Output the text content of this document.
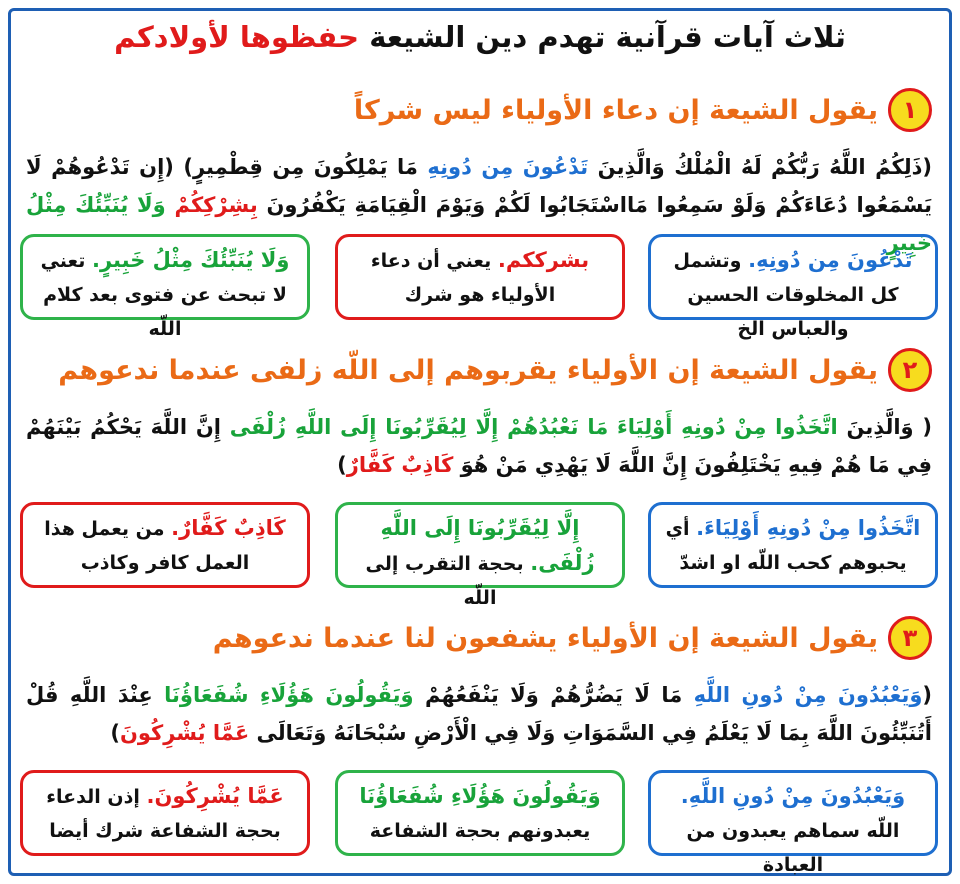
ثلاث آيات قرآنية تهدم دين الشيعة حفظوها لأولادكم
١
يقول الشيعة إن دعاء الأولياء ليس شركاً
(ذَلِكُمُ اللَّهُ رَبُّكُمْ لَهُ الْمُلْكُ وَالَّذِينَ تَدْعُونَ مِن دُونِهِ مَا يَمْلِكُونَ مِن قِطْمِيرٍ) (إِن تَدْعُوهُمْ لَا يَسْمَعُوا دُعَاءَكُمْ وَلَوْ سَمِعُوا مَااسْتَجَابُوا لَكُمْ وَيَوْمَ الْقِيَامَةِ يَكْفُرُونَ بِشِرْكِكُمْ وَلَا يُنَبِّئُكَ مِثْلُ خَبِيرٍ
تَدْعُونَ مِن دُونِهِ. وتشمل كل المخلوقات الحسين والعباس الخ
بشرككم. يعني أن دعاء الأولياء هو شرك
وَلَا يُنَبِّئُكَ مِثْلُ خَبِيرٍ. تعني لا تبحث عن فتوى بعد كلام اللّه
٢
يقول الشيعة إن الأولياء يقربوهم إلى اللّه زلفى عندما ندعوهم
( وَالَّذِينَ اتَّخَذُوا مِنْ دُونِهِ أَوْلِيَاءَ مَا نَعْبُدُهُمْ إِلَّا لِيُقَرِّبُونَا إِلَى اللَّهِ زُلْفَى إِنَّ اللَّهَ يَحْكُمُ بَيْنَهُمْ فِي مَا هُمْ فِيهِ يَخْتَلِفُونَ إِنَّ اللَّهَ لَا يَهْدِي مَنْ هُوَ كَاذِبٌ كَفَّارٌ)
اتَّخَذُوا مِنْ دُونِهِ أَوْلِيَاءَ. أي يحبوهم كحب اللّه او اشدّ
إِلَّا لِيُقَرِّبُونَا إِلَى اللَّهِ زُلْفَى. بحجة التقرب إلى اللّه
كَاذِبٌ كَفَّارٌ. من يعمل هذا العمل كافر وكاذب
٣
يقول الشيعة إن الأولياء يشفعون لنا عندما ندعوهم
(وَيَعْبُدُونَ مِنْ دُونِ اللَّهِ مَا لَا يَضُرُّهُمْ وَلَا يَنْفَعُهُمْ وَيَقُولُونَ هَؤُلَاءِ شُفَعَاؤُنَا عِنْدَ اللَّهِ قُلْ أَتُنَبِّئُونَ اللَّهَ بِمَا لَا يَعْلَمُ فِي السَّمَوَاتِ وَلَا فِي الْأَرْضِ سُبْحَانَهُ وَتَعَالَى عَمَّا يُشْرِكُونَ)
وَيَعْبُدُونَ مِنْ دُونِ اللَّهِ. اللّه سماهم يعبدون من العبادة
وَيَقُولُونَ هَؤُلَاءِ شُفَعَاؤُنَا يعبدونهم بحجة الشفاعة
عَمَّا يُشْرِكُونَ. إذن الدعاء بحجة الشفاعة شرك أيضا
